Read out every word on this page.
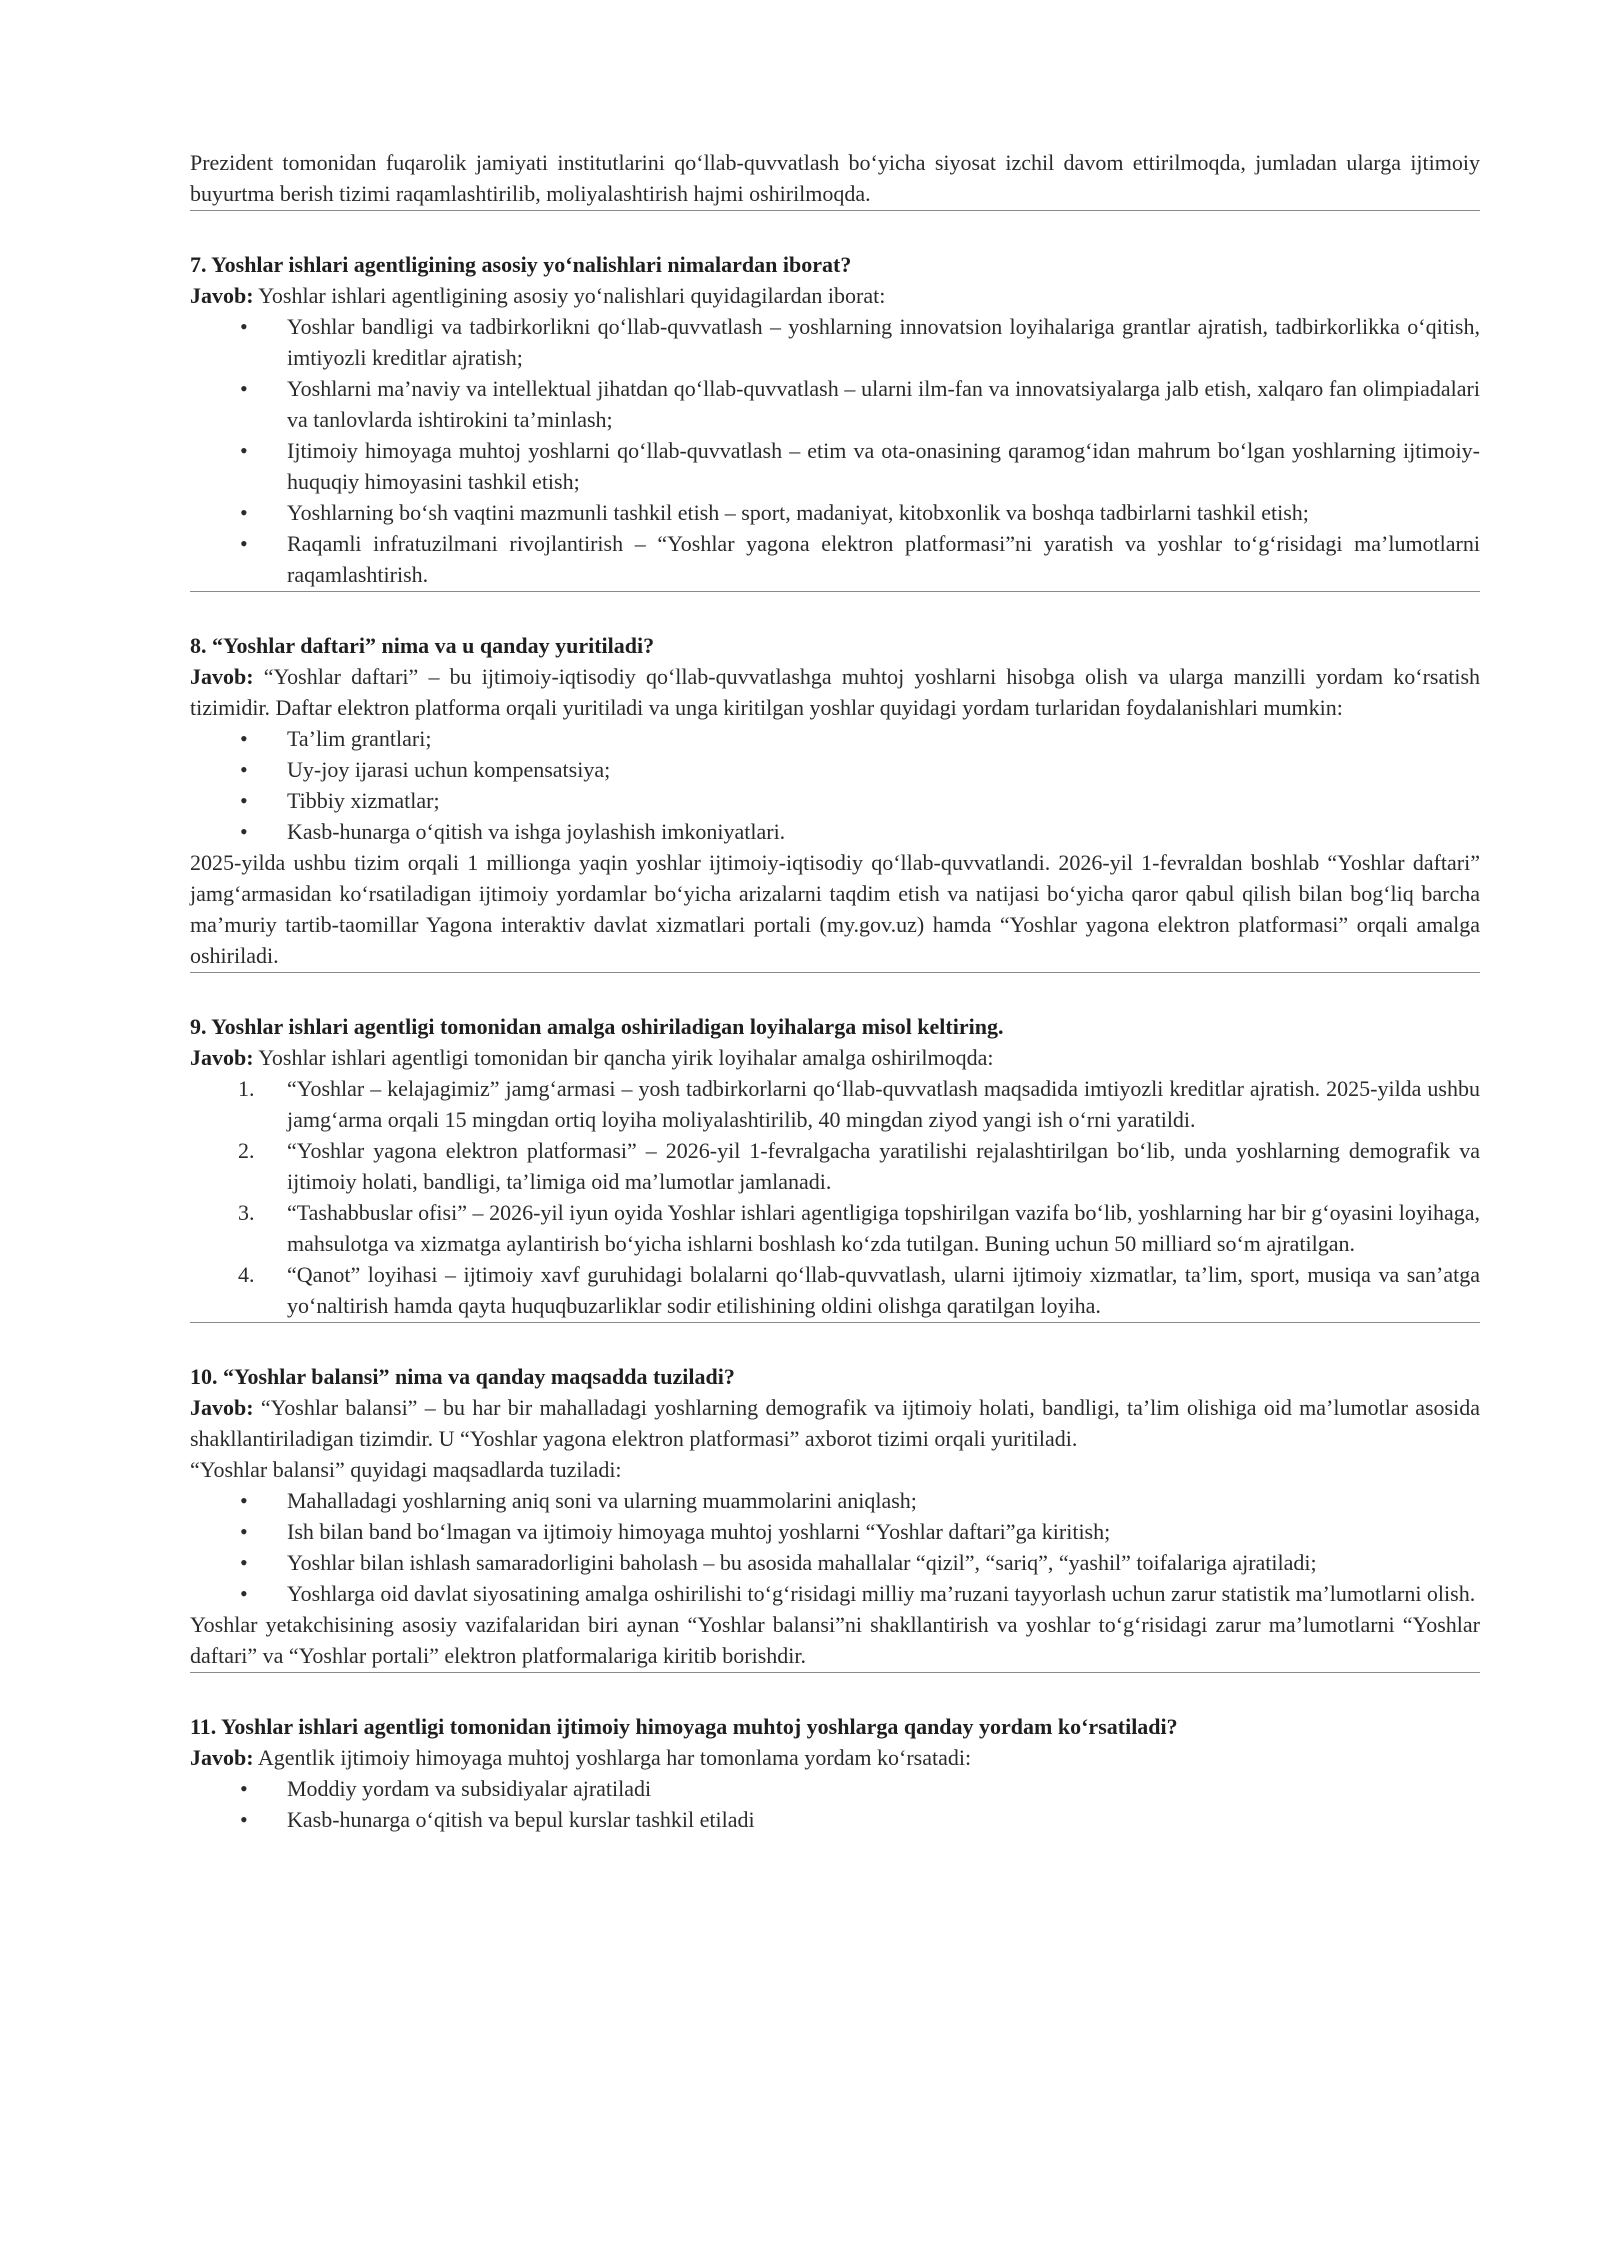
Prezident tomonidan fuqarolik jamiyati institutlarini qo‘llab-quvvatlash bo‘yicha siyosat izchil davom ettirilmoqda, jumladan ularga ijtimoiy buyurtma berish tizimi raqamlashtirilib, moliyalashtirish hajmi oshirilmoqda.

7. Yoshlar ishlari agentligining asosiy yo‘nalishlari nimalardan iborat?

Javob: Yoshlar ishlari agentligining asosiy yo‘nalishlari quyidagilardan iborat:

• Yoshlar bandligi va tadbirkorlikni qo‘llab-quvvatlash – yoshlarning innovatsion loyihalariga grantlar ajratish, tadbirkorlikka o‘qitish, imtiyozli kreditlar ajratish;
• Yoshlarni ma’naviy va intellektual jihatdan qo‘llab-quvvatlash – ularni ilm-fan va innovatsiyalarga jalb etish, xalqaro fan olimpiadalari va tanlovlarda ishtirokini ta’minlash;
• Ijtimoiy himoyaga muhtoj yoshlarni qo‘llab-quvvatlash – etim va ota-onasining qaramog‘idan mahrum bo‘lgan yoshlarning ijtimoiy-huquqiy himoyasini tashkil etish;
• Yoshlarning bo‘sh vaqtini mazmunli tashkil etish – sport, madaniyat, kitobxonlik va boshqa tadbirlarni tashkil etish;
• Raqamli infratuzilmani rivojlantirish – “Yoshlar yagona elektron platformasi”ni yaratish va yoshlar to‘g‘risidagi ma’lumotlarni raqamlashtirish.

8. “Yoshlar daftari” nima va u qanday yuritiladi?

Javob: “Yoshlar daftari” – bu ijtimoiy-iqtisodiy qo‘llab-quvvatlashga muhtoj yoshlarni hisobga olish va ularga manzilli yordam ko‘rsatish tizimidir. Daftar elektron platforma orqali yuritiladi va unga kiritilgan yoshlar quyidagi yordam turlaridan foydalanishlari mumkin:

• Ta’lim grantlari;
• Uy-joy ijarasi uchun kompensatsiya;
• Tibbiy xizmatlar;
• Kasb-hunarga o‘qitish va ishga joylashish imkoniyatlari.

2025-yilda ushbu tizim orqali 1 millionga yaqin yoshlar ijtimoiy-iqtisodiy qo‘llab-quvvatlandi. 2026-yil 1-fevraldan boshlab “Yoshlar daftari” jamg‘armasidan ko‘rsatiladigan ijtimoiy yordamlar bo‘yicha arizalarni taqdim etish va natijasi bo‘yicha qaror qabul qilish bilan bog‘liq barcha ma’muriy tartib-taomillar Yagona interaktiv davlat xizmatlari portali (my.gov.uz) hamda “Yoshlar yagona elektron platformasi” orqali amalga oshiriladi.

9. Yoshlar ishlari agentligi tomonidan amalga oshiriladigan loyihalarga misol keltiring.

Javob: Yoshlar ishlari agentligi tomonidan bir qancha yirik loyihalar amalga oshirilmoqda:

1. “Yoshlar – kelajagimiz” jamg‘armasi – yosh tadbirkorlarni qo‘llab-quvvatlash maqsadida imtiyozli kreditlar ajratish. 2025-yilda ushbu jamg‘arma orqali 15 mingdan ortiq loyiha moliyalashtirilib, 40 mingdan ziyod yangi ish o‘rni yaratildi.
2. “Yoshlar yagona elektron platformasi” – 2026-yil 1-fevralgacha yaratilishi rejalashtirilgan bo‘lib, unda yoshlarning demografik va ijtimoiy holati, bandligi, ta’limiga oid ma’lumotlar jamlanadi.
3. “Tashabbuslar ofisi” – 2026-yil iyun oyida Yoshlar ishlari agentligiga topshirilgan vazifa bo‘lib, yoshlarning har bir g‘oyasini loyihaga, mahsulotga va xizmatga aylantirish bo‘yicha ishlarni boshlash ko‘zda tutilgan. Buning uchun 50 milliard so‘m ajratilgan.
4. “Qanot” loyihasi – ijtimoiy xavf guruhidagi bolalarni qo‘llab-quvvatlash, ularni ijtimoiy xizmatlar, ta’lim, sport, musiqa va san’atga yo‘naltirish hamda qayta huquqbuzarliklar sodir etilishining oldini olishga qaratilgan loyiha.

10. “Yoshlar balansi” nima va qanday maqsadda tuziladi?

Javob: “Yoshlar balansi” – bu har bir mahalladagi yoshlarning demografik va ijtimoiy holati, bandligi, ta’lim olishiga oid ma’lumotlar asosida shakllantiriladigan tizimdir. U “Yoshlar yagona elektron platformasi” axborot tizimi orqali yuritiladi.

“Yoshlar balansi” quyidagi maqsadlarda tuziladi:

• Mahalladagi yoshlarning aniq soni va ularning muammolarini aniqlash;
• Ish bilan band bo‘lmagan va ijtimoiy himoyaga muhtoj yoshlarni “Yoshlar daftari”ga kiritish;
• Yoshlar bilan ishlash samaradorligini baholash – bu asosida mahallalar “qizil”, “sariq”, “yashil” toifalariga ajratiladi;
• Yoshlarga oid davlat siyosatining amalga oshirilishi to‘g‘risidagi milliy ma’ruzani tayyorlash uchun zarur statistik ma’lumotlarni olish.

Yoshlar yetakchisining asosiy vazifalaridan biri aynan “Yoshlar balansi”ni shakllantirish va yoshlar to‘g‘risidagi zarur ma’lumotlarni “Yoshlar daftari” va “Yoshlar portali” elektron platformalariga kiritib borishdir.

11. Yoshlar ishlari agentligi tomonidan ijtimoiy himoyaga muhtoj yoshlarga qanday yordam ko‘rsatiladi?

Javob: Agentlik ijtimoiy himoyaga muhtoj yoshlarga har tomonlama yordam ko‘rsatadi:

• Moddiy yordam va subsidiyalar ajratiladi
• Kasb-hunarga o‘qitish va bepul kurslar tashkil etiladi
